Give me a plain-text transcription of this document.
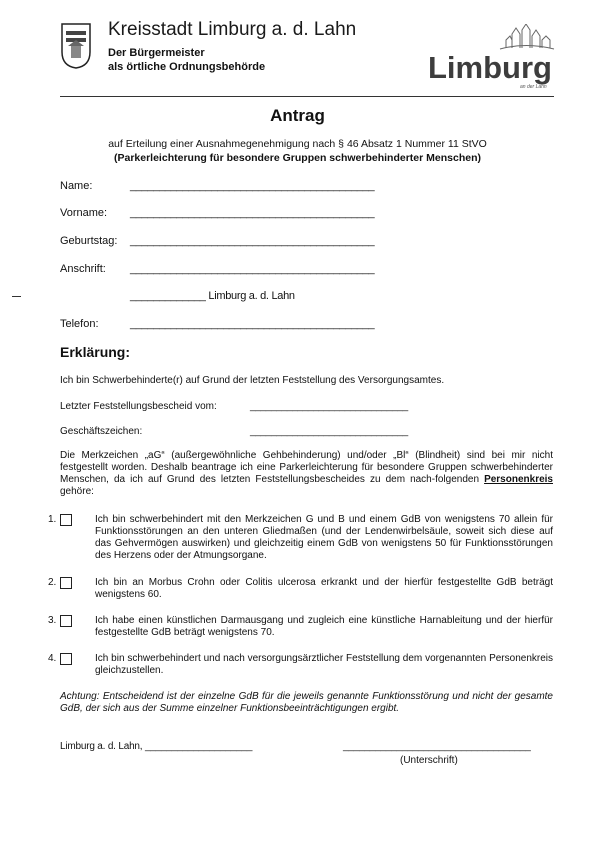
Kreisstadt Limburg a. d. Lahn
Der Bürgermeister
als örtliche Ordnungsbehörde	Limburg
an der Lahn
Antrag
auf Erteilung einer Ausnahmegenehmigung nach § 46 Absatz 1 Nummer 11 StVO
(Parkerleichterung für besondere Gruppen schwerbehinderter Menschen)
Name:	__________________________________________
Vorname: __________________________________________
Geburtstag: __________________________________________
Anschrift: __________________________________________
_____________ Limburg a. d. Lahn
Telefon:	__________________________________________
Erklärung:
Ich bin Schwerbehinderte(r) auf Grund der letzten Feststellung des Versorgungsamtes.
Letzter Feststellungsbescheid vom:	______________________________
Geschäftszeichen:	______________________________
Die Merkzeichen „aG“ (außergewöhnliche Gehbehinderung) und/oder „Bl“ (Blindheit) sind bei mir nicht festgestellt worden. Deshalb beantrage ich eine Parkerleichterung für besondere Gruppen schwerbehinderter Menschen, da ich auf Grund des letzten Feststellungsbescheides zu dem nach-folgenden Personenkreis gehöre:
1.	Ich bin schwerbehindert mit den Merkzeichen G und B und einem GdB von wenigstens 70 allein für Funktionsstörungen an den unteren Gliedmaßen (und der Lendenwirbelsäule, soweit sich diese auf das Gehvermögen auswirken) und gleichzeitig einem GdB von wenigstens 50 für Funktionsstörungen des Herzens oder der Atmungsorgane.
2.	Ich bin an Morbus Crohn oder Colitis ulcerosa erkrankt und der hierfür festgestellte GdB beträgt wenigstens 60.
3.	Ich habe einen künstlichen Darmausgang und zugleich eine künstliche Harnableitung und der hierfür festgestellte GdB beträgt wenigstens 70.
4.	Ich bin schwerbehindert und nach versorgungsärztlicher Feststellung dem vorgenannten Personenkreis gleichzustellen.
Achtung: Entscheidend ist der einzelne GdB für die jeweils genannte Funktionsstörung und nicht der gesamte GdB, der sich aus der Summe einzelner Funktionsbeeinträchtigungen ergibt.
Limburg a. d. Lahn, ____________________	___________________________________
(Unterschrift)
